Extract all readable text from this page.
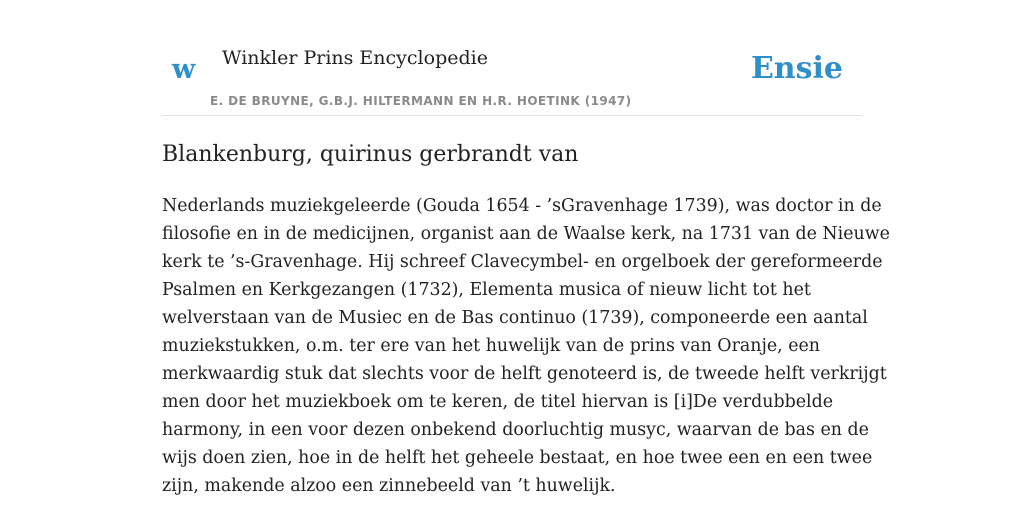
w Winkler Prins Encyclopedie
E. DE BRUYNE, G.B.J. HILTERMANN EN H.R. HOETINK (1947)
Ensie
Blankenburg, quirinus gerbrandt van

Nederlands muziekgeleerde (Gouda 1654 - ’sGravenhage 1739), was doctor in de
filosofie en in de medicijnen, organist aan de Waalse kerk, na 1731 van de Nieuwe
kerk te ’s-Gravenhage. Hij schreef Clavecymbel- en orgelboek der gereformeerde
Psalmen en Kerkgezangen (1732), Elementa musica of nieuw licht tot het
welverstaan van de Musiec en de Bas continuo (1739), componeerde een aantal
muziekstukken, o.m. ter ere van het huwelijk van de prins van Oranje, een
merkwaardig stuk dat slechts voor de helft genoteerd is, de tweede helft verkrijgt
men door het muziekboek om te keren, de titel hiervan is [i]De verdubbelde
harmony, in een voor dezen onbekend doorluchtig musyc, waarvan de bas en de
wijs doen zien, hoe in de helft het geheele bestaat, en hoe twee een en een twee
zijn, makende alzoo een zinnebeeld van ’t huwelijk.
